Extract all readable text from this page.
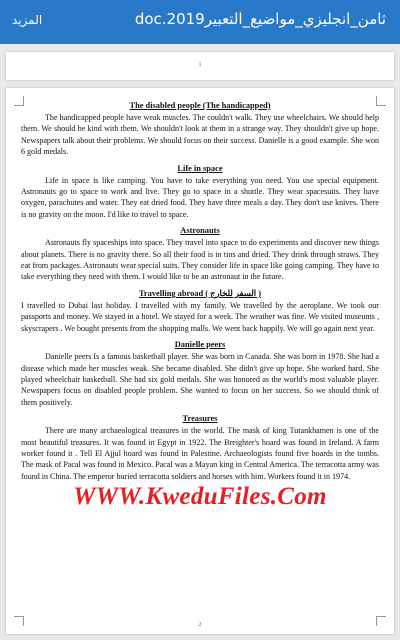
المزيد	ثامن_انجليزي_مواضيع_التعبير2019.doc
1
The disabled people (The handicapped)

The handicapped people have weak muscles. The couldn't walk. They use wheelchairs. We should help them. We should be kind with them. We shouldn't look at them in a strange way. They shouldn't give up hope. Newspapers talk about their problems. We should focus on their success. Danielle is a good example. She won 6 gold medals.

Life in space

Life in space is like camping. You have to take everything you need. You use special equipment. Astronauts go to space to work and live. They go to space in a shuttle. They wear spacesuits. They have oxygen, parachutes and water. They eat dried food. They have three meals a day. They don't use knives. There is no gravity on the moon. I'd like to travel to space.

Astronauts

Astronauts fly spaceships into space. They travel into space to do experiments and discover new things about planets. There is no gravity there. So all their food is in tins and dried. They drink through straws. They eat from packages. Astronauts wear special suits. They consider life in space like going camping. They have to take everything they need with them. I would like to be an astronaut in the future.

Travelling abroad ( السفر للخارج )

I travelled to Dubai last holiday. I travelled with my family. We travelled by the aeroplane. We took our passports and money. We stayed in a hotel. We stayed for a week. The weather was fine. We visited museums , skyscrapers . We bought presents from the shopping malls. We went back happily. We will go again next year.

Danielle peers

Danielle peers Is a famous basketball player. She was born in Canada. She was born in 1978. She had a disease which made her muscles weak. She became disabled. She didn't give up hope. She worked hard. She played wheelchair basketball. She had six gold medals. She was honored as the world's most valuable player. Newspapers focus on disabled people problem. She wanted to focus on her success. So we should think of them positively.

Treasures

There are many archaeological treasures in the world. The mask of king Tutankhamen is one of the most beautiful treasures. It was found in Egypt in 1922. The Breighter's hoard was found in Ireland. A farm worker found it . Tell El Ajjul hoard was found in Palestine. Archaeologists found five hoards in the tombs. The mask of Pacal was found in Mexico. Pacal was a Mayan king in Central America. The terracotta army was found in China. The emperor buried terracotta soldiers and horses with him. Workers found it in 1974.

WWW.KweduFiles.Com
2
